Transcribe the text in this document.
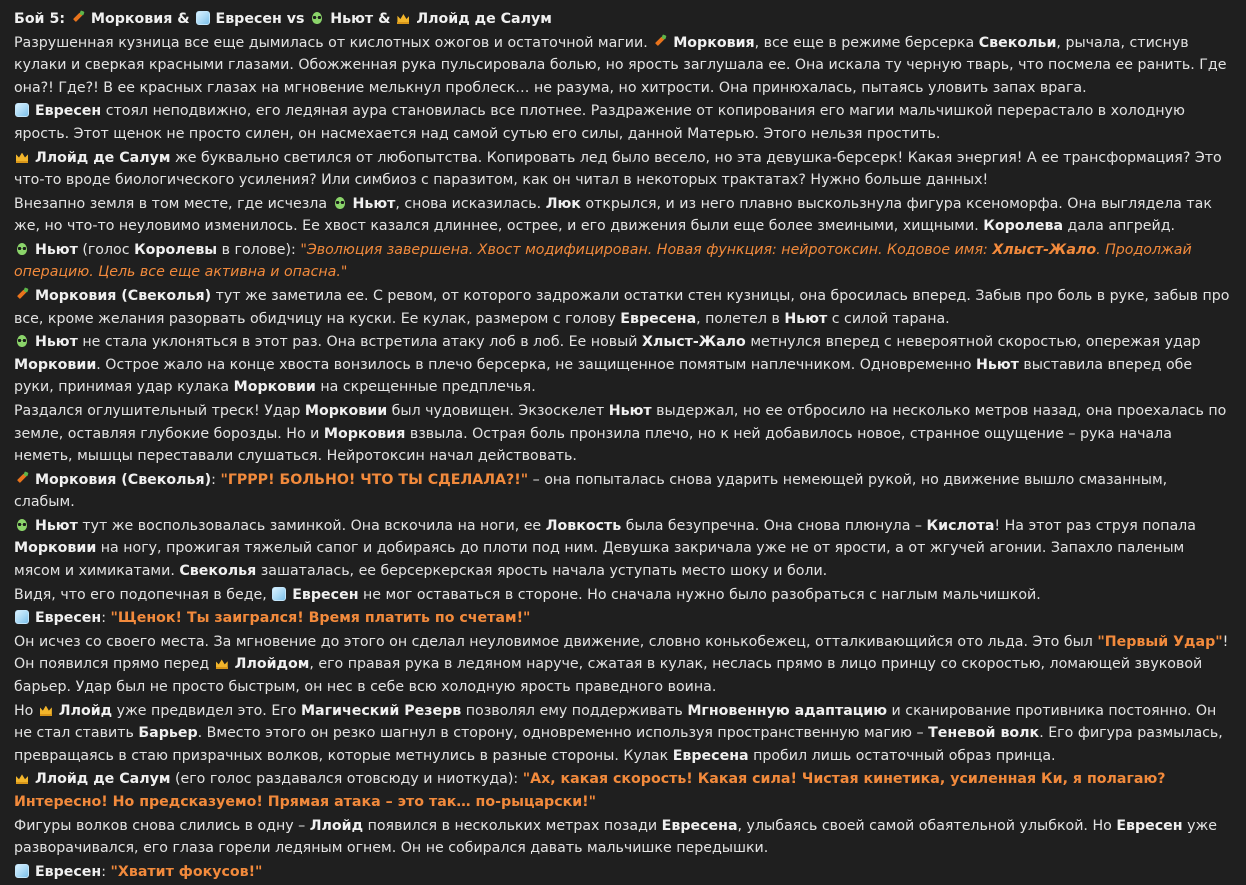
Бой 5:  Морковия &  Евресен vs  Ньют &  Ллойд де Салум
Разрушенная кузница все еще дымилась от кислотных ожогов и остаточной магии.  Морковия, все еще в режиме берсерка Свекольи, рычала, стиснув кулаки и сверкая красными глазами. Обожженная рука пульсировала болью, но ярость заглушала ее. Она искала ту черную тварь, что посмела ее ранить. Где она?! Где?! В ее красных глазах на мгновение мелькнул проблеск… не разума, но хитрости. Она принюхалась, пытаясь уловить запах врага.
Евресен стоял неподвижно, его ледяная аура становилась все плотнее. Раздражение от копирования его магии мальчишкой перерастало в холодную ярость. Этот щенок не просто силен, он насмехается над самой сутью его силы, данной Матерью. Этого нельзя простить.
Ллойд де Салум же буквально светился от любопытства. Копировать лед было весело, но эта девушка-берсерк! Какая энергия! А ее трансформация? Это что-то вроде биологического усиления? Или симбиоз с паразитом, как он читал в некоторых трактатах? Нужно больше данных!
Внезапно земля в том месте, где исчезла  Ньют, снова исказилась. Люк открылся, и из него плавно выскользнула фигура ксеноморфа. Она выглядела так же, но что-то неуловимо изменилось. Ее хвост казался длиннее, острее, и его движения были еще более змеиными, хищными. Королева дала апгрейд.
Ньют (голос Королевы в голове): "Эволюция завершена. Хвост модифицирован. Новая функция: нейротоксин. Кодовое имя: Хлыст-Жало. Продолжай операцию. Цель все еще активна и опасна."
Морковия (Свеколья) тут же заметила ее. С ревом, от которого задрожали остатки стен кузницы, она бросилась вперед. Забыв про боль в руке, забыв про все, кроме желания разорвать обидчицу на куски. Ее кулак, размером с голову Евресена, полетел в Ньют с силой тарана.
Ньют не стала уклоняться в этот раз. Она встретила атаку лоб в лоб. Ее новый Хлыст-Жало метнулся вперед с невероятной скоростью, опережая удар Морковии. Острое жало на конце хвоста вонзилось в плечо берсерка, не защищенное помятым наплечником. Одновременно Ньют выставила вперед обе руки, принимая удар кулака Морковии на скрещенные предплечья.
Раздался оглушительный треск! Удар Морковии был чудовищен. Экзоскелет Ньют выдержал, но ее отбросило на несколько метров назад, она проехалась по земле, оставляя глубокие борозды. Но и Морковия взвыла. Острая боль пронзила плечо, но к ней добавилось новое, странное ощущение – рука начала неметь, мышцы переставали слушаться. Нейротоксин начал действовать.
Морковия (Свеколья): "ГРРР! БОЛЬНО! ЧТО ТЫ СДЕЛАЛА?!" – она попыталась снова ударить немеющей рукой, но движение вышло смазанным, слабым.
Ньют тут же воспользовалась заминкой. Она вскочила на ноги, ее Ловкость была безупречна. Она снова плюнула – Кислота! На этот раз струя попала Морковии на ногу, прожигая тяжелый сапог и добираясь до плоти под ним. Девушка закричала уже не от ярости, а от жгучей агонии. Запахло паленым мясом и химикатами. Свеколья зашаталась, ее берсеркерская ярость начала уступать место шоку и боли.
Видя, что его подопечная в беде,  Евресен не мог оставаться в стороне. Но сначала нужно было разобраться с наглым мальчишкой.
Евресен: "Щенок! Ты заигрался! Время платить по счетам!"
Он исчез со своего места. За мгновение до этого он сделал неуловимое движение, словно конькобежец, отталкивающийся ото льда. Это был "Первый Удар"! Он появился прямо перед  Ллойдом, его правая рука в ледяном наруче, сжатая в кулак, неслась прямо в лицо принцу со скоростью, ломающей звуковой барьер. Удар был не просто быстрым, он нес в себе всю холодную ярость праведного воина.
Но  Ллойд уже предвидел это. Его Магический Резерв позволял ему поддерживать Мгновенную адаптацию и сканирование противника постоянно. Он не стал ставить Барьер. Вместо этого он резко шагнул в сторону, одновременно используя пространственную магию – Теневой волк. Его фигура размылась, превращаясь в стаю призрачных волков, которые метнулись в разные стороны. Кулак Евресена пробил лишь остаточный образ принца.
Ллойд де Салум (его голос раздавался отовсюду и ниоткуда): "Ах, какая скорость! Какая сила! Чистая кинетика, усиленная Ки, я полагаю? Интересно! Но предсказуемо! Прямая атака – это так… по-рыцарски!"
Фигуры волков снова слились в одну – Ллойд появился в нескольких метрах позади Евресена, улыбаясь своей самой обаятельной улыбкой. Но Евресен уже разворачивался, его глаза горели ледяным огнем. Он не собирался давать мальчишке передышки.
Евресен: "Хватит фокусов!"
